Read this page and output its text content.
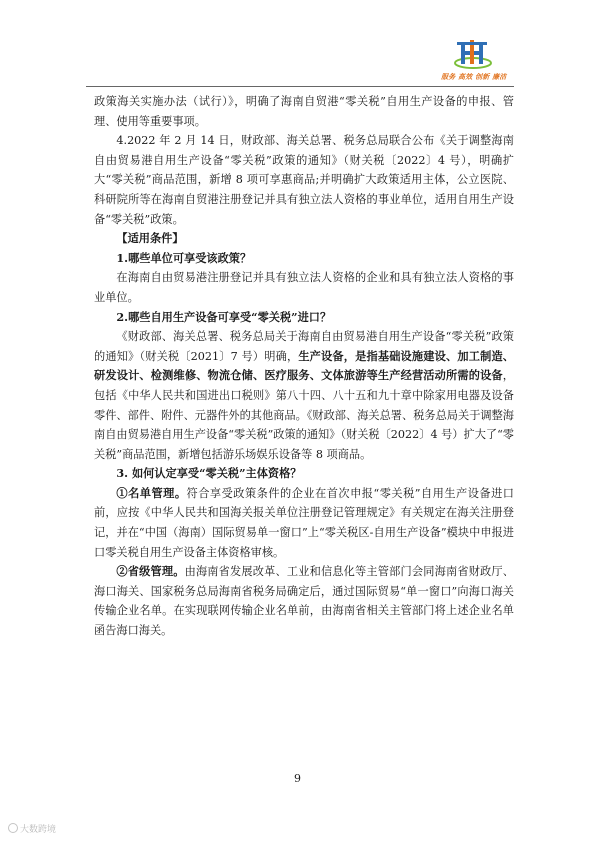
服务 高效 创新 廉洁

政策海关实施办法（试行）》，明确了海南自贸港“零关税”自用生产设备的申报、管理、使用等重要事项。

4.2022 年 2 月 14 日，财政部、海关总署、税务总局联合公布《关于调整海南自由贸易港自用生产设备“零关税”政策的通知》（财关税〔2022〕4 号），明确扩大“零关税”商品范围，新增 8 项可享惠商品;并明确扩大政策适用主体，公立医院、科研院所等在海南自贸港注册登记并具有独立法人资格的事业单位，适用自用生产设备“零关税”政策。

【适用条件】

1.哪些单位可享受该政策？

在海南自由贸易港注册登记并具有独立法人资格的企业和具有独立法人资格的事业单位。

2.哪些自用生产设备可享受“零关税”进口？

《财政部、海关总署、税务总局关于海南自由贸易港自用生产设备“零关税”政策的通知》（财关税〔2021〕7 号）明确，生产设备，是指基础设施建设、加工制造、研发设计、检测维修、物流仓储、医疗服务、文体旅游等生产经营活动所需的设备，包括《中华人民共和国进出口税则》第八十四、八十五和九十章中除家用电器及设备零件、部件、附件、元器件外的其他商品。《财政部、海关总署、税务总局关于调整海南自由贸易港自用生产设备“零关税”政策的通知》（财关税〔2022〕4 号）扩大了“零关税”商品范围，新增包括游乐场娱乐设备等 8 项商品。

3. 如何认定享受“零关税”主体资格？

①名单管理。符合享受政策条件的企业在首次申报“零关税”自用生产设备进口前，应按《中华人民共和国海关报关单位注册登记管理规定》有关规定在海关注册登记，并在“中国（海南）国际贸易单一窗口”上“零关税区-自用生产设备”模块中申报进口零关税自用生产设备主体资格审核。

②省级管理。由海南省发展改革、工业和信息化等主管部门会同海南省财政厅、海口海关、国家税务总局海南省税务局确定后，通过国际贸易“单一窗口”向海口海关传输企业名单。在实现联网传输企业名单前，由海南省相关主管部门将上述企业名单函告海口海关。

9
大数跨境
